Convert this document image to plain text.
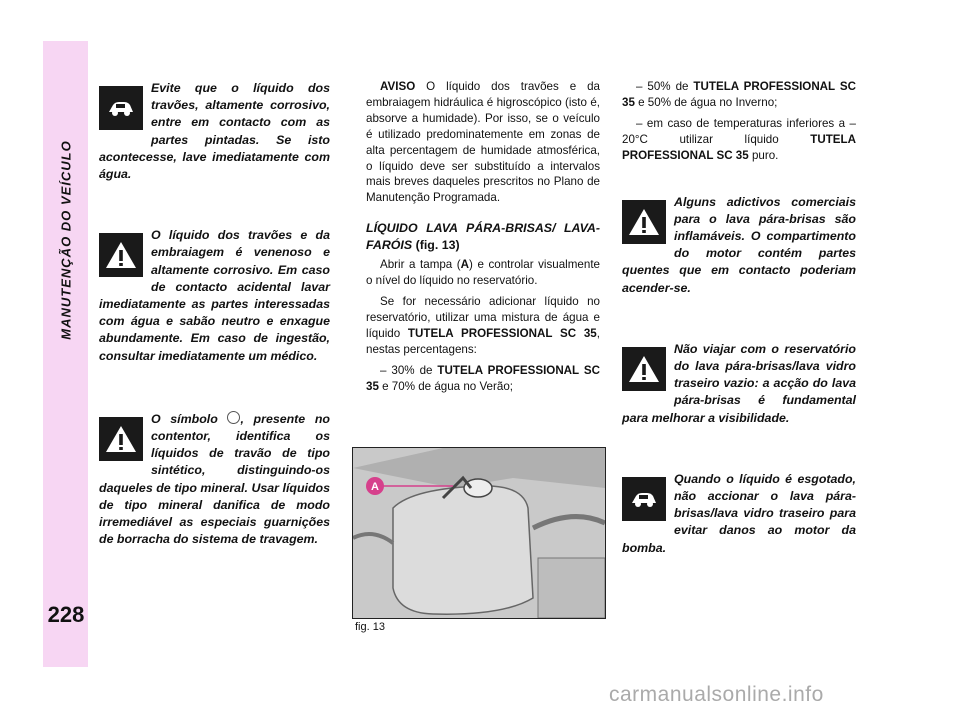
MANUTENÇÃO DO VEÍCULO
228

Evite que o líquido dos travões, altamente corrosivo, entre em contacto com as partes pintadas. Se isto acontecesse, lave imediatamente com água.

O líquido dos travões e da embraiagem é venenoso e altamente corrosivo. Em caso de contacto acidental lavar imediatamente as partes interessadas com água e sabão neutro e enxague abundamente. Em caso de ingestão, consultar imediatamente um médico.

O símbolo , presente no contentor, identifica os líquidos de travão de tipo sintético, distinguindo-os daqueles de tipo mineral. Usar líquidos de tipo mineral danifica de modo irremediável as especiais guarnições de borracha do sistema de travagem.

AVISO O líquido dos travões e da embraiagem hidráulica é higroscópico (isto é, absorve a humidade). Por isso, se o veículo é utilizado predominatemente em zonas de alta percentagem de humidade atmosférica, o líquido deve ser substituído a intervalos mais breves daqueles prescritos no Plano de Manutenção Programada.

LÍQUIDO LAVA PÁRA-BRISAS/ LAVA-FARÓIS (fig. 13)

Abrir a tampa (A) e controlar visualmente o nível do líquido no reservatório.

Se for necessário adicionar líquido no reservatório, utilizar uma mistura de água e líquido TUTELA PROFESSIONAL SC 35, nestas percentagens:

– 30% de TUTELA PROFESSIONAL SC 35 e 70% de água no Verão;

A
fig. 13

– 50% de TUTELA PROFESSIONAL SC 35 e 50% de água no Inverno;

– em caso de temperaturas inferiores a – 20°C utilizar líquido TUTELA PROFESSIONAL SC 35 puro.

Alguns adictivos comerciais para o lava pára-brisas são inflamáveis. O compartimento do motor contém partes quentes que em contacto poderiam acender-se.

Não viajar com o reservatório do lava pára-brisas/lava vidro traseiro vazio: a acção do lava pára-brisas é fundamental para melhorar a visibilidade.

Quando o líquido é esgotado, não accionar o lava pára-brisas/lava vidro traseiro para evitar danos ao motor da bomba.

carmanualsonline.info
